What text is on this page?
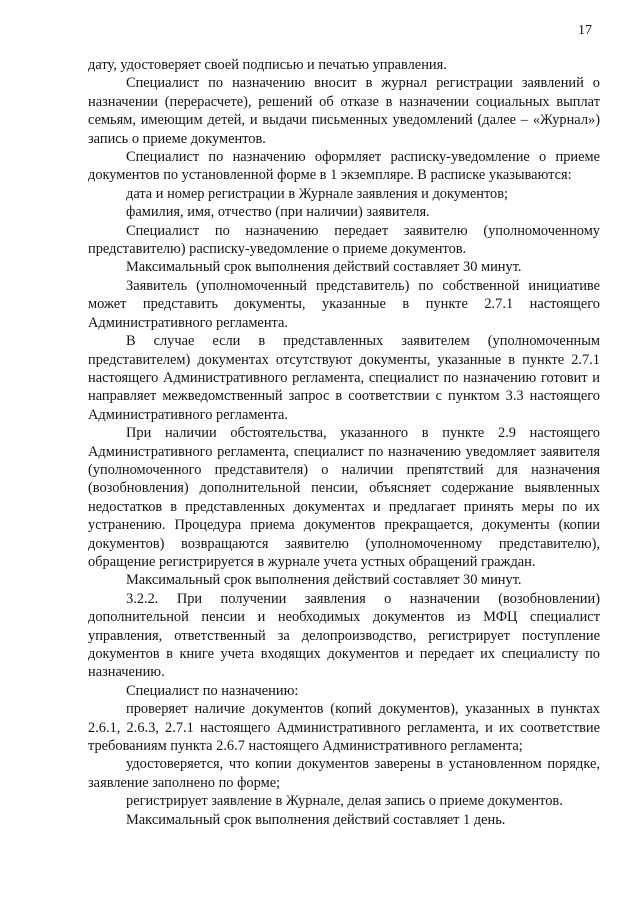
17

дату, удостоверяет своей подписью и печатью управления.

Специалист по назначению вносит в журнал регистрации заявлений о назначении (перерасчете), решений об отказе в назначении социальных выплат семьям, имеющим детей, и выдачи письменных уведомлений (далее – «Журнал») запись о приеме документов.

Специалист по назначению оформляет расписку-уведомление о приеме документов по установленной форме в 1 экземпляре. В расписке указываются:

дата и номер регистрации в Журнале заявления и документов;

фамилия, имя, отчество (при наличии) заявителя.

Специалист по назначению передает заявителю (уполномоченному представителю) расписку-уведомление о приеме документов.

Максимальный срок выполнения действий составляет 30 минут.

Заявитель (уполномоченный представитель) по собственной инициативе может представить документы, указанные в пункте 2.7.1 настоящего Административного регламента.

В случае если в представленных заявителем (уполномоченным представителем) документах отсутствуют документы, указанные в пункте 2.7.1 настоящего Административного регламента, специалист по назначению готовит и направляет межведомственный запрос в соответствии с пунктом 3.3 настоящего Административного регламента.

При наличии обстоятельства, указанного в пункте 2.9 настоящего Административного регламента, специалист по назначению уведомляет заявителя (уполномоченного представителя) о наличии препятствий для назначения (возобновления) дополнительной пенсии, объясняет содержание выявленных недостатков в представленных документах и предлагает принять меры по их устранению. Процедура приема документов прекращается, документы (копии документов) возвращаются заявителю (уполномоченному представителю), обращение регистрируется в журнале учета устных обращений граждан.

Максимальный срок выполнения действий составляет 30 минут.

3.2.2. При получении заявления о назначении (возобновлении) дополнительной пенсии и необходимых документов из МФЦ специалист управления, ответственный за делопроизводство, регистрирует поступление документов в книге учета входящих документов и передает их специалисту по назначению.

Специалист по назначению:

проверяет наличие документов (копий документов), указанных в пунктах 2.6.1, 2.6.3, 2.7.1 настоящего Административного регламента, и их соответствие требованиям пункта 2.6.7 настоящего Административного регламента;

удостоверяется, что копии документов заверены в установленном порядке, заявление заполнено по форме;

регистрирует заявление в Журнале, делая запись о приеме документов.

Максимальный срок выполнения действий составляет 1 день.
